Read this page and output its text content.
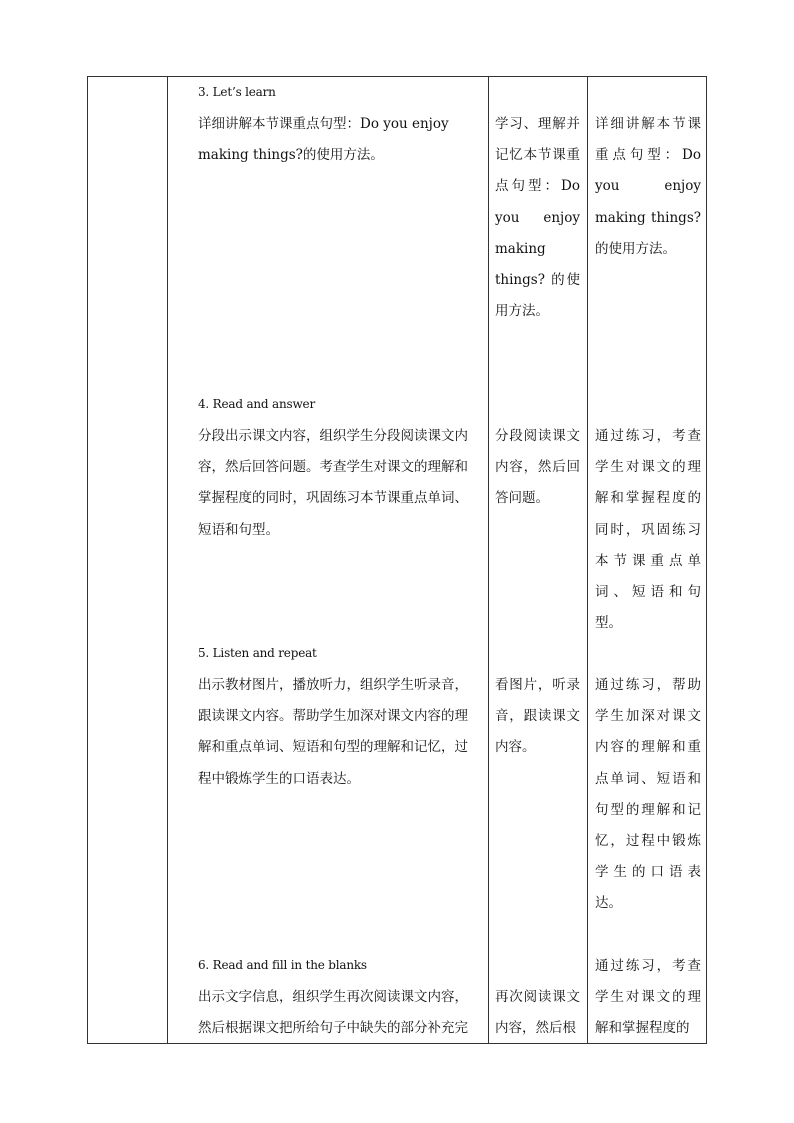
3. Let’s learn
详细讲解本节课重点句型：Do you enjoy making things?的使用方法。
学习、理解并记忆本节课重点句型：Do you enjoy making things? 的使用方法。
详细讲解本节课重点句型：Do you enjoy making things? 的使用方法。
4. Read and answer
分段出示课文内容，组织学生分段阅读课文内容，然后回答问题。考查学生对课文的理解和掌握程度的同时，巩固练习本节课重点单词、短语和句型。
分段阅读课文内容，然后回答问题。
通过练习，考查学生对课文的理解和掌握程度的同时，巩固练习本节课重点单词、短语和句型。
5. Listen and repeat
出示教材图片，播放听力，组织学生听录音，跟读课文内容。帮助学生加深对课文内容的理解和重点单词、短语和句型的理解和记忆，过程中锻炼学生的口语表达。
看图片，听录音，跟读课文内容。
通过练习，帮助学生加深对课文内容的理解和重点单词、短语和句型的理解和记忆，过程中锻炼学生的口语表达。
6. Read and fill in the blanks
出示文字信息，组织学生再次阅读课文内容，然后根据课文把所给句子中缺失的部分补充完
再次阅读课文内容，然后根
通过练习，考查学生对课文的理解和掌握程度的
